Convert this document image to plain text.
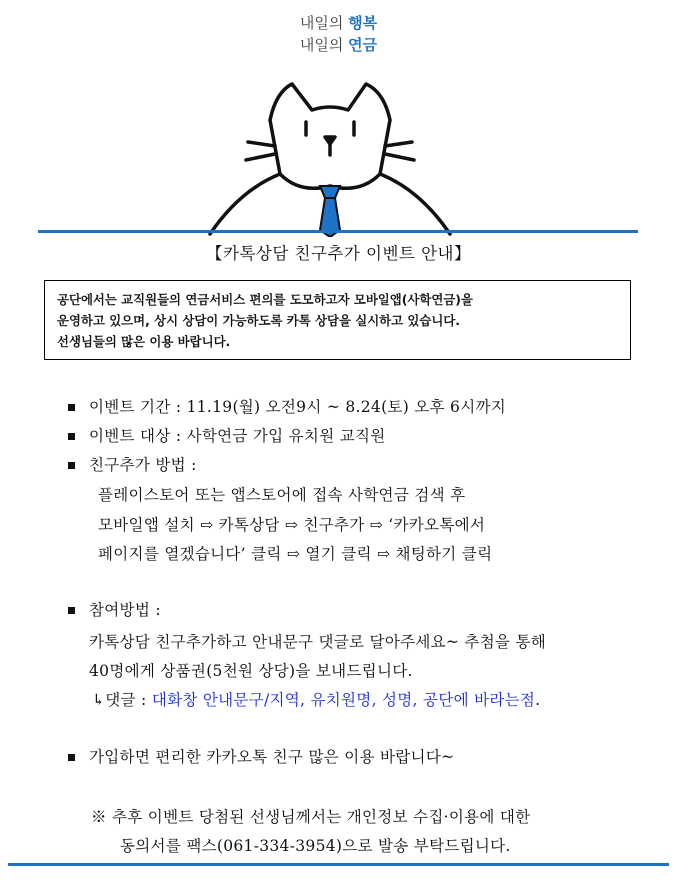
내일의 행복
내일의 연금
【카톡상담 친구추가 이벤트 안내】
공단에서는 교직원들의 연금서비스 편의를 도모하고자 모바일앱(사학연금)을
운영하고 있으며, 상시 상담이 가능하도록 카톡 상담을 실시하고 있습니다.
선생님들의 많은 이용 바랍니다.
이벤트 기간 : 11.19(월) 오전9시 ~ 8.24(토) 오후 6시까지
이벤트 대상 : 사학연금 가입 유치원 교직원
친구추가 방법 :
플레이스토어 또는 앱스토어에 접속 사학연금 검색 후
모바일앱 설치 ⇨ 카톡상담 ⇨ 친구추가 ⇨ ‘카카오톡에서
페이지를 열겠습니다’ 클릭 ⇨ 열기 클릭 ⇨ 채팅하기 클릭
참여방법 :
카톡상담 친구추가하고 안내문구 댓글로 달아주세요~ 추첨을 통해
40명에게 상품권(5천원 상당)을 보내드립니다.
↳댓글 : 대화창 안내문구/지역, 유치원명, 성명, 공단에 바라는점.
가입하면 편리한 카카오톡 친구 많은 이용 바랍니다~
※ 추후 이벤트 당첨된 선생님께서는 개인정보 수집·이용에 대한
동의서를 팩스(061-334-3954)으로 발송 부탁드립니다.
